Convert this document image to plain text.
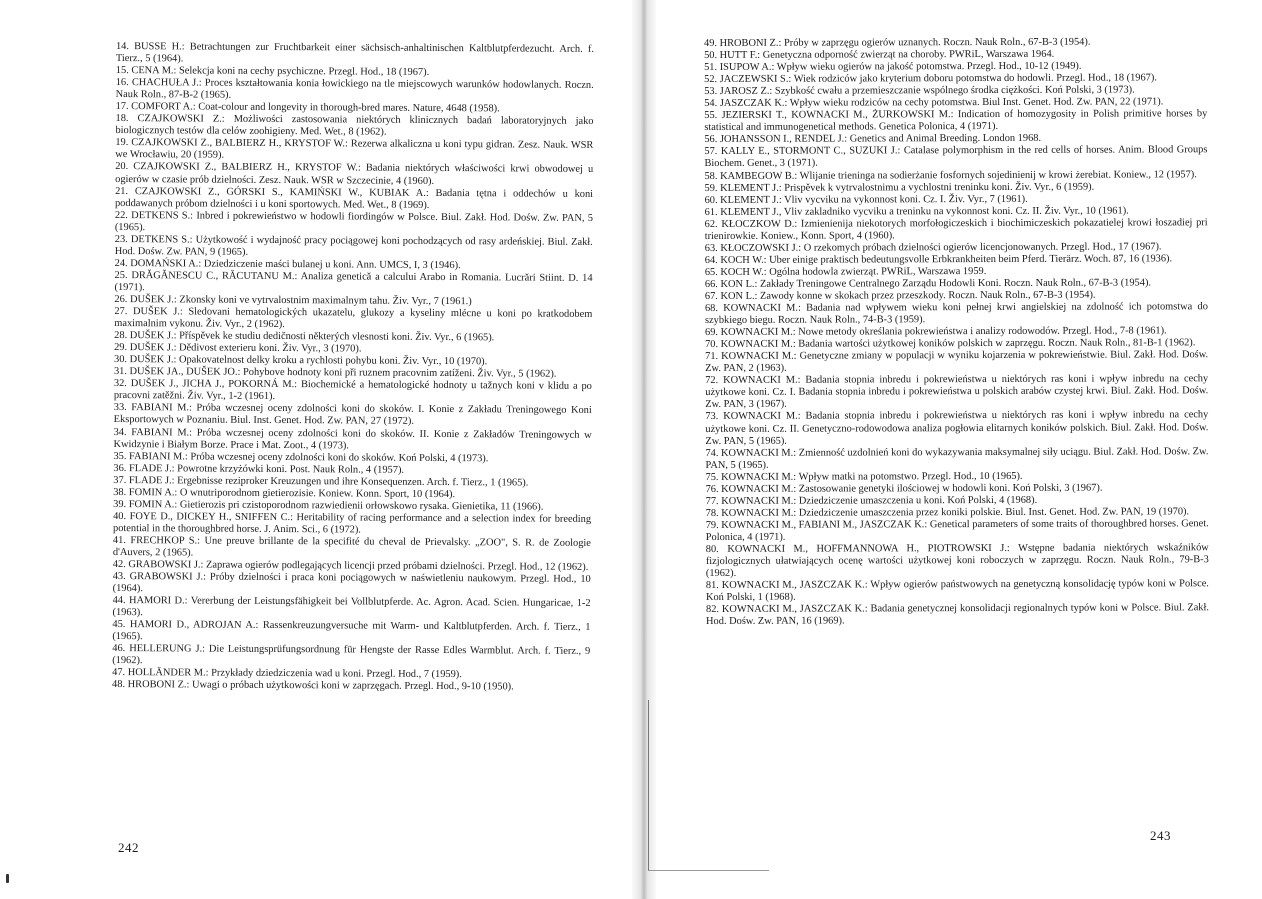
14. BUSSE H.: Betrachtungen zur Fruchtbarkeit einer sächsisch-anhaltinischen Kaltblutpferdezucht. Arch. f. Tierz., 5 (1964).
15. CENA M.: Selekcja koni na cechy psychiczne. Przegl. Hod., 18 (1967).
16. CHACHUŁA J.: Proces kształtowania konia łowickiego na tle miejscowych warunków hodowlanych. Roczn. Nauk Roln., 87-B-2 (1965).
17. COMFORT A.: Coat-colour and longevity in thorough-bred mares. Nature, 4648 (1958).
18. CZAJKOWSKI Z.: Możliwości zastosowania niektórych klinicznych badań laboratoryjnych jako biologicznych testów dla celów zoohigieny. Med. Wet., 8 (1962).
19. CZAJKOWSKI Z., BALBIERZ H., KRYSTOF W.: Rezerwa alkaliczna u koni typu gidran. Zesz. Nauk. WSR we Wrocławiu, 20 (1959).
20. CZAJKOWSKI Z., BALBIERZ H., KRYSTOF W.: Badania niektórych właściwości krwi obwodowej u ogierów w czasie prób dzielności. Zesz. Nauk. WSR w Szczecinie, 4 (1960).
21. CZAJKOWSKI Z., GÓRSKI S., KAMIŃSKI W., KUBIAK A.: Badania tętna i oddechów u koni poddawanych próbom dzielności i u koni sportowych. Med. Wet., 8 (1969).
22. DETKENS S.: Inbred i pokrewieństwo w hodowli fiordingów w Polsce. Biul. Zakł. Hod. Dośw. Zw. PAN, 5 (1965).
23. DETKENS S.: Użytkowość i wydajność pracy pociągowej koni pochodzących od rasy ardeńskiej. Biul. Zakł. Hod. Dośw. Zw. PAN, 9 (1965).
24. DOMAŃSKI A.: Dziedziczenie maści bulanej u koni. Ann. UMCS, I, 3 (1946).
25. DRĂGĂNESCU C., RĂCUTANU M.: Analiza genetică a calcului Arabo in Romania. Lucrări Stiint. D. 14 (1971).
26. DUŠEK J.: Zkonsky koni ve vytrvalostnim maximalnym tahu. Živ. Vyr., 7 (1961.)
27. DUŠEK J.: Sledovani hematologických ukazatelu, glukozy a kyseliny mlécne u koni po kratkodobem maximalnim vykonu. Živ. Vyr., 2 (1962).
28. DUŠEK J.: Příspěvek ke studiu dedičnosti některých vlesnosti koni. Živ. Vyr., 6 (1965).
29. DUŠEK J.: Dědivost exterieru koni. Živ. Vyr., 3 (1970).
30. DUŠEK J.: Opakovatelnost delky kroku a rychlosti pohybu koni. Živ. Vyr., 10 (1970).
31. DUŠEK JA., DUŠEK JO.: Pohybove hodnoty koni při ruznem pracovnim zatíženi. Živ. Vyr., 5 (1962).
32. DUŠEK J., JICHA J., POKORNÁ M.: Biochemické a hematologické hodnoty u tažnych koni v klidu a po pracovni zatěžni. Živ. Vyr., 1-2 (1961).
33. FABIANI M.: Próba wczesnej oceny zdolności koni do skoków. I. Konie z Zakładu Treningowego Koni Eksportowych w Poznaniu. Biul. Inst. Genet. Hod. Zw. PAN, 27 (1972).
34. FABIANI M.: Próba wczesnej oceny zdolności koni do skoków. II. Konie z Zakładów Treningowych w Kwidzynie i Białym Borze. Prace i Mat. Zoot., 4 (1973).
35. FABIANI M.: Próba wczesnej oceny zdolności koni do skoków. Koń Polski, 4 (1973).
36. FLADE J.: Powrotne krzyżówki koni. Post. Nauk Roln., 4 (1957).
37. FLADE J.: Ergebnisse reziproker Kreuzungen und ihre Konsequenzen. Arch. f. Tierz., 1 (1965).
38. FOMIN A.: O wnutriporodnom gietierozisie. Koniew. Konn. Sport, 10 (1964).
39. FOMIN A.: Gietierozis pri czistoporodnom razwiedienii orłowskowo rysaka. Gienietika, 11 (1966).
40. FOYE D., DICKEY H., SNIFFEN C.: Heritability of racing performance and a selection index for breeding potential in the thoroughbred horse. J. Anim. Sci., 6 (1972).
41. FRECHKOP S.: Une preuve brillante de la specifité du cheval de Prievalsky. „ZOO", S. R. de Zoologie d'Auvers, 2 (1965).
42. GRABOWSKI J.: Zaprawa ogierów podlegających licencji przed próbami dzielności. Przegl. Hod., 12 (1962).
43. GRABOWSKI J.: Próby dzielności i praca koni pociągowych w naświetleniu naukowym. Przegl. Hod., 10 (1964).
44. HAMORI D.: Vererbung der Leistungsfähigkeit bei Vollblutpferde. Ac. Agron. Acad. Scien. Hungaricae, 1-2 (1963).
45. HAMORI D., ADROJAN A.: Rassenkreuzungversuche mit Warm- und Kaltblutpferden. Arch. f. Tierz., 1 (1965).
46. HELLERUNG J.: Die Leistungsprüfungsordnung für Hengste der Rasse Edles Warmblut. Arch. f. Tierz., 9 (1962).
47. HOLLÄNDER M.: Przykłady dziedziczenia wad u koni. Przegl. Hod., 7 (1959).
48. HROBONI Z.: Uwagi o próbach użytkowości koni w zaprzęgach. Przegl. Hod., 9-10 (1950).
242
49. HROBONI Z.: Próby w zaprzęgu ogierów uznanych. Roczn. Nauk Roln., 67-B-3 (1954).
50. HUTT F.: Genetyczna odporność zwierząt na choroby. PWRiL, Warszawa 1964.
51. ISUPOW A.: Wpływ wieku ogierów na jakość potomstwa. Przegl. Hod., 10-12 (1949).
52. JACZEWSKI S.: Wiek rodziców jako kryterium doboru potomstwa do hodowli. Przegl. Hod., 18 (1967).
53. JAROSZ Z.: Szybkość cwału a przemieszczanie wspólnego środka ciężkości. Koń Polski, 3 (1973).
54. JASZCZAK K.: Wpływ wieku rodziców na cechy potomstwa. Biul Inst. Genet. Hod. Zw. PAN, 22 (1971).
55. JEZIERSKI T., KOWNACKI M., ŻURKOWSKI M.: Indication of homozygosity in Polish primitive horses by statistical and immunogenetical methods. Genetica Polonica, 4 (1971).
56. JOHANSSON I., RENDEL J.: Genetics and Animal Breeding. London 1968.
57. KALLY E., STORMONT C., SUZUKI J.: Catalase polymorphism in the red cells of horses. Anim. Blood Groups Biochem. Genet., 3 (1971).
58. KAMBEGOW B.: Wlijanie trieninga na sodierżanie fosfornych sojedinienij w krowi żerebiat. Koniew., 12 (1957).
59. KLEMENT J.: Prispěvek k vytrvalostnimu a vychlostni treninku koni. Živ. Vyr., 6 (1959).
60. KLEMENT J.: Vliv vycviku na vykonnost koni. Cz. I. Živ. Vyr., 7 (1961).
61. KLEMENT J., Vliv zakladniko vycviku a treninku na vykonnost koni. Cz. II. Živ. Vyr., 10 (1961).
62. KŁOCZKOW D.: Izmienienija niekotorych morfołogiczeskich i biochimiczeskich pokazatielej krowi łoszadiej pri trienirowkie. Koniew., Konn. Sport, 4 (1960).
63. KŁOCZOWSKI J.: O rzekomych próbach dzielności ogierów licencjonowanych. Przegl. Hod., 17 (1967).
64. KOCH W.: Uber einige praktisch bedeutungsvolle Erbkrankheiten beim Pferd. Tierärz. Woch. 87, 16 (1936).
65. KOCH W.: Ogólna hodowla zwierząt. PWRiL, Warszawa 1959.
66. KON L.: Zakłady Treningowe Centralnego Zarządu Hodowli Koni. Roczn. Nauk Roln., 67-B-3 (1954).
67. KON L.: Zawody konne w skokach przez przeszkody. Roczn. Nauk Roln., 67-B-3 (1954).
68. KOWNACKI M.: Badania nad wpływem wieku koni pełnej krwi angielskiej na zdolność ich potomstwa do szybkiego biegu. Roczn. Nauk Roln., 74-B-3 (1959).
69. KOWNACKI M.: Nowe metody określania pokrewieństwa i analizy rodowodów. Przegl. Hod., 7-8 (1961).
70. KOWNACKI M.: Badania wartości użytkowej koników polskich w zaprzęgu. Roczn. Nauk Roln., 81-B-1 (1962).
71. KOWNACKI M.: Genetyczne zmiany w populacji w wyniku kojarzenia w pokrewieństwie. Biul. Zakł. Hod. Dośw. Zw. PAN, 2 (1963).
72. KOWNACKI M.: Badania stopnia inbredu i pokrewieństwa u niektórych ras koni i wpływ inbredu na cechy użytkowe koni. Cz. I. Badania stopnia inbredu i pokrewieństwa u polskich arabów czystej krwi. Biul. Zakł. Hod. Dośw. Zw. PAN, 3 (1967).
73. KOWNACKI M.: Badania stopnia inbredu i pokrewieństwa u niektórych ras koni i wpływ inbredu na cechy użytkowe koni. Cz. II. Genetyczno-rodowodowa analiza pogłowia elitarnych koników polskich. Biul. Zakł. Hod. Dośw. Zw. PAN, 5 (1965).
74. KOWNACKI M.: Zmienność uzdolnień koni do wykazywania maksymalnej siły uciągu. Biul. Zakł. Hod. Dośw. Zw. PAN, 5 (1965).
75. KOWNACKI M.: Wpływ matki na potomstwo. Przegl. Hod., 10 (1965).
76. KOWNACKI M.: Zastosowanie genetyki ilościowej w hodowli koni. Koń Polski, 3 (1967).
77. KOWNACKI M.: Dziedziczenie umaszczenia u koni. Koń Polski, 4 (1968).
78. KOWNACKI M.: Dziedziczenie umaszczenia przez koniki polskie. Biul. Inst. Genet. Hod. Zw. PAN, 19 (1970).
79. KOWNACKI M., FABIANI M., JASZCZAK K.: Genetical parameters of some traits of thoroughbred horses. Genet. Polonica, 4 (1971).
80. KOWNACKI M., HOFFMANNOWA H., PIOTROWSKI J.: Wstępne badania niektórych wskaźników fizjologicznych ułatwiających ocenę wartości użytkowej koni roboczych w zaprzęgu. Roczn. Nauk Roln., 79-B-3 (1962).
81. KOWNACKI M., JASZCZAK K.: Wpływ ogierów państwowych na genetyczną konsolidację typów koni w Polsce. Koń Polski, 1 (1968).
82. KOWNACKI M., JASZCZAK K.: Badania genetycznej konsolidacji regionalnych typów koni w Polsce. Biul. Zakł. Hod. Dośw. Zw. PAN, 16 (1969).
243
